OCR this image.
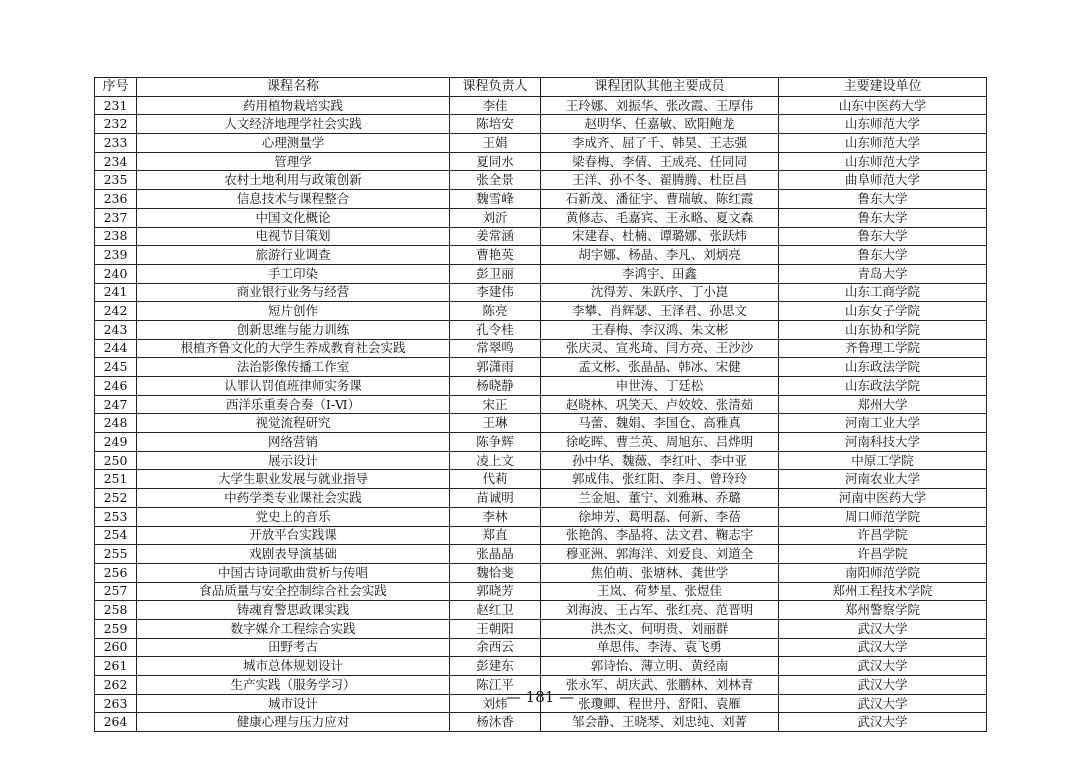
序号	课程名称	课程负责人	课程团队其他主要成员	主要建设单位
231	药用植物栽培实践	李佳	王玲娜、刘振华、张改霞、王厚伟	山东中医药大学
232	人文经济地理学社会实践	陈培安	赵明华、任嘉敏、欧阳鲍龙	山东师范大学
233	心理测量学	王娟	李成齐、屈了千、韩昊、王志强	山东师范大学
234	管理学	夏同水	梁春梅、李倩、王成亮、任同同	山东师范大学
235	农村土地利用与政策创新	张全景	王洋、孙不冬、翟腾腾、杜臣昌	曲阜师范大学
236	信息技术与课程整合	魏雪峰	石新茂、潘征宇、曹瑞敏、陈红霞	鲁东大学
237	中国文化概论	刘沂	黄修志、毛嘉宾、王永略、夏文森	鲁东大学
238	电视节目策划	姜常涵	宋建春、杜楠、谭璐娜、张跃炜	鲁东大学
239	旅游行业调查	曹艳英	胡宇娜、杨晶、李凡、刘炳亮	鲁东大学
240	手工印染	彭卫丽	李鸿宇、田鑫	青岛大学
241	商业银行业务与经营	李建伟	沈得芳、朱跃序、丁小崑	山东工商学院
242	短片创作	陈亮	李攀、肖辉瑟、王泽君、孙思文	山东女子学院
243	创新思维与能力训练	孔令桂	王春梅、李汉鸿、朱文彬	山东协和学院
244	根植齐鲁文化的大学生养成教育社会实践	常翠鸣	张庆灵、宣兆琦、闫方亮、王沙沙	齐鲁理工学院
245	法治影像传播工作室	郭潇雨	孟文彬、张晶晶、韩冰、宋健	山东政法学院
246	认罪认罚值班律师实务课	杨晓静	申世涛、丁廷松	山东政法学院
247	西洋乐重奏合奏（Ⅰ-Ⅵ）	宋正	赵晓林、巩笑天、卢姣姣、张清茹	郑州大学
248	视觉流程研究	王琳	马蕾、魏娟、李国仓、高雅真	河南工业大学
249	网络营销	陈争辉	徐屹晖、曹兰英、周旭东、吕烨明	河南科技大学
250	展示设计	凌上文	孙中华、魏薇、李红叶、李中亚	中原工学院
251	大学生职业发展与就业指导	代莉	郭成伟、张红阳、李月、曾玲玲	河南农业大学
252	中药学类专业课社会实践	苗诚明	兰金旭、董宁、刘雅琳、乔璐	河南中医药大学
253	党史上的音乐	李林	徐坤芳、葛明磊、何新、李蓓	周口师范学院
254	开放平台实践课	郑直	张艳鸽、李晶将、法文君、鞠志宇	许昌学院
255	戏剧表导演基础	张晶晶	穆亚洲、郭海洋、刘爱良、刘道全	许昌学院
256	中国古诗词歌曲赏析与传唱	魏恰斐	焦伯萌、张塘林、龚世学	南阳师范学院
257	食品质量与安全控制综合社会实践	郭晓芳	王岚、荷梦星、张煜佳	郑州工程技术学院
258	铸魂育警思政课实践	赵红卫	刘海波、王占军、张红亮、范晋明	郑州警察学院
259	数字媒介工程综合实践	王朝阳	洪杰文、何明贵、刘丽群	武汉大学
260	田野考古	余西云	单思伟、李涛、袁飞勇	武汉大学
261	城市总体规划设计	彭建东	郭诗怡、薄立明、黄经南	武汉大学
262	生产实践（服务学习）	陈江平	张永军、胡庆武、张鹏林、刘林青	武汉大学
263	城市设计	刘炜	张瓊卿、程世丹、舒阳、袁雁	武汉大学
264	健康心理与压力应对	杨沐香	邹会静、王晓琴、刘忠纯、刘菁	武汉大学
— 181 —
